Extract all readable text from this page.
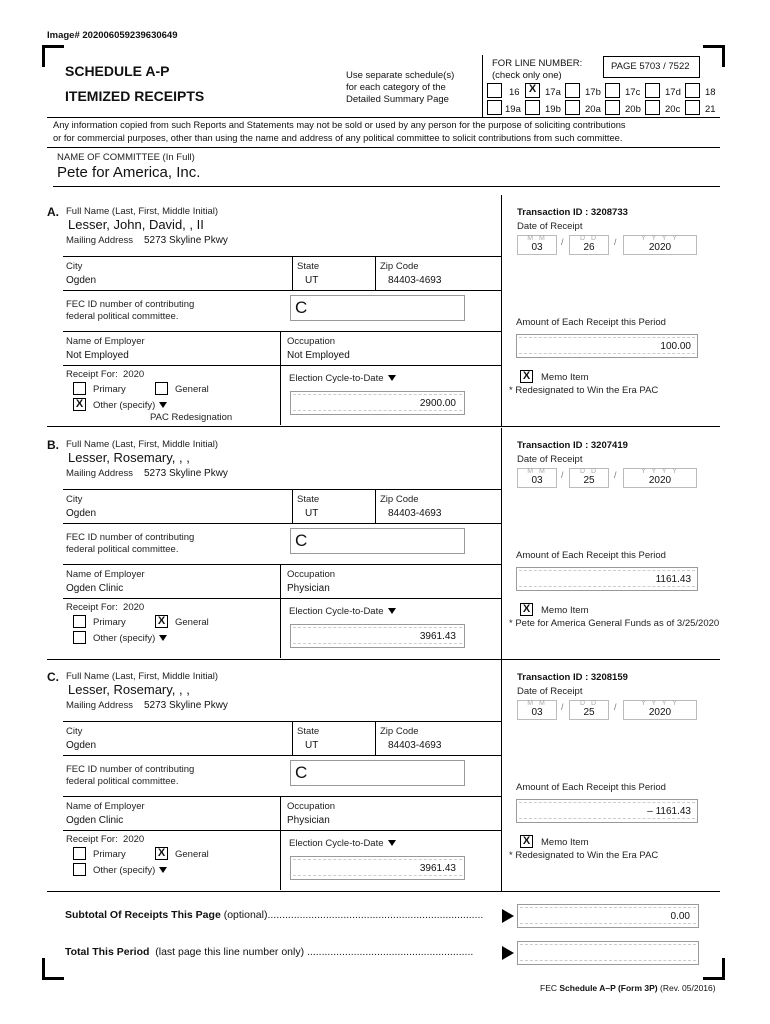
Image# 202006059239630649
SCHEDULE A-P
ITEMIZED RECEIPTS
Use separate schedule(s)
for each category of the
Detailed Summary Page
FOR LINE NUMBER:
(check only one)
PAGE 5703 / 7522
16 X 17a	17b	17c	17d	18
19a	19b	20a	20b	20c	21
Any information copied from such Reports and Statements may not be sold or used by any person for the purpose of soliciting contributions
or for commercial purposes, other than using the name and address of any political committee to solicit contributions from such committee.
NAME OF COMMITTEE (In Full)
Pete for America, Inc.
A. Full Name (Last, First, Middle Initial)
Lesser, John, David, , II
Mailing Address 5273 Skyline Pkwy
City
Ogden
State
UT
Zip Code
84403-4693
FEC ID number of contributing
federal political committee.	C
Name of Employer
Not Employed
Occupation
Not Employed
Receipt For: 2020
Primary	General
X Other (specify)
PAC Redesignation
Election Cycle-to-Date
2900.00
Transaction ID : 3208733
Date of Receipt
M M
03	/	D D
26	/	Y Y Y Y
2020
Amount of Each Receipt this Period
100.00
X Memo Item
* Redesignated to Win the Era PAC
B. Full Name (Last, First, Middle Initial)
Lesser, Rosemary, , ,
Mailing Address 5273 Skyline Pkwy
City
Ogden
State
UT
Zip Code
84403-4693
FEC ID number of contributing
federal political committee.	C
Name of Employer
Ogden Clinic
Occupation
Physician
Receipt For: 2020
Primary	X General
Other (specify)
Election Cycle-to-Date
3961.43
Transaction ID : 3207419
Date of Receipt
M M
03	/	D D
25	/	Y Y Y Y
2020
Amount of Each Receipt this Period
1161.43
X Memo Item
* Pete for America General Funds as of 3/25/2020
C. Full Name (Last, First, Middle Initial)
Lesser, Rosemary, , ,
Mailing Address 5273 Skyline Pkwy
City
Ogden
State
UT
Zip Code
84403-4693
FEC ID number of contributing
federal political committee.	C
Name of Employer
Ogden Clinic
Occupation
Physician
Receipt For: 2020
Primary	X General
Other (specify)
Election Cycle-to-Date
3961.43
Transaction ID : 3208159
Date of Receipt
M M
03	/	D D
25	/	Y Y Y Y
2020
Amount of Each Receipt this Period
– 1161.43
X Memo Item
* Redesignated to Win the Era PAC
Subtotal Of Receipts This Page (optional)..........................................................................	0.00
Total This Period (last page this line number only) .........................................................
FEC Schedule A–P (Form 3P) (Rev. 05/2016)
